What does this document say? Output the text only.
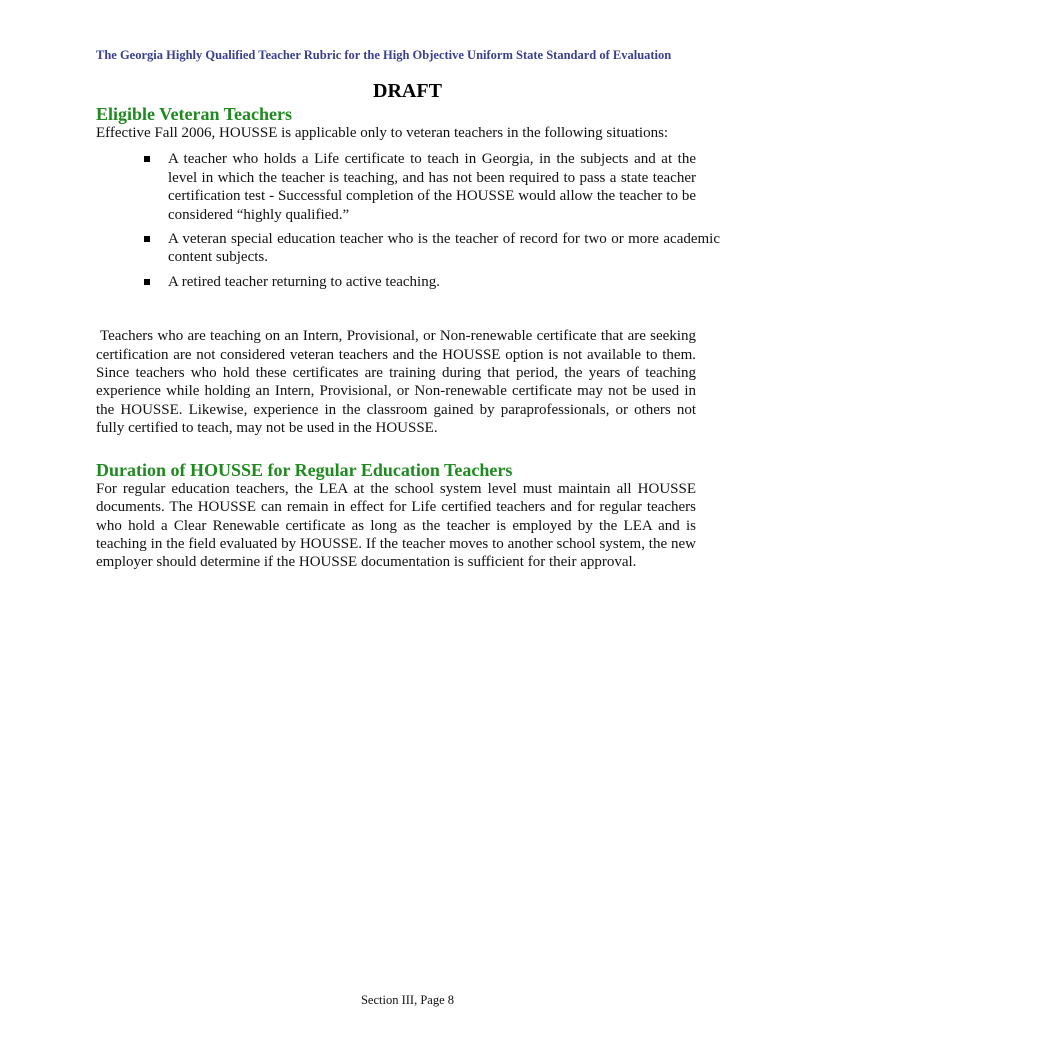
The Georgia Highly Qualified Teacher Rubric for the High Objective Uniform State Standard of Evaluation
DRAFT
Eligible Veteran Teachers

Effective Fall 2006, HOUSSE is applicable only to veteran teachers in the following situations:

A teacher who holds a Life certificate to teach in Georgia, in the subjects and at the level in which the teacher is teaching, and has not been required to pass a state teacher certification test - Successful completion of the HOUSSE would allow the teacher to be considered “highly qualified.”
A veteran special education teacher who is the teacher of record for two or more academic content subjects.
A retired teacher returning to active teaching.

Teachers who are teaching on an Intern, Provisional, or Non-renewable certificate that are seeking certification are not considered veteran teachers and the HOUSSE option is not available to them. Since teachers who hold these certificates are training during that period, the years of teaching experience while holding an Intern, Provisional, or Non-renewable certificate may not be used in the HOUSSE. Likewise, experience in the classroom gained by paraprofessionals, or others not fully certified to teach, may not be used in the HOUSSE.

Duration of HOUSSE for Regular Education Teachers

For regular education teachers, the LEA at the school system level must maintain all HOUSSE documents. The HOUSSE can remain in effect for Life certified teachers and for regular teachers who hold a Clear Renewable certificate as long as the teacher is employed by the LEA and is teaching in the field evaluated by HOUSSE. If the teacher moves to another school system, the new employer should determine if the HOUSSE documentation is sufficient for their approval.

Section III, Page 8
